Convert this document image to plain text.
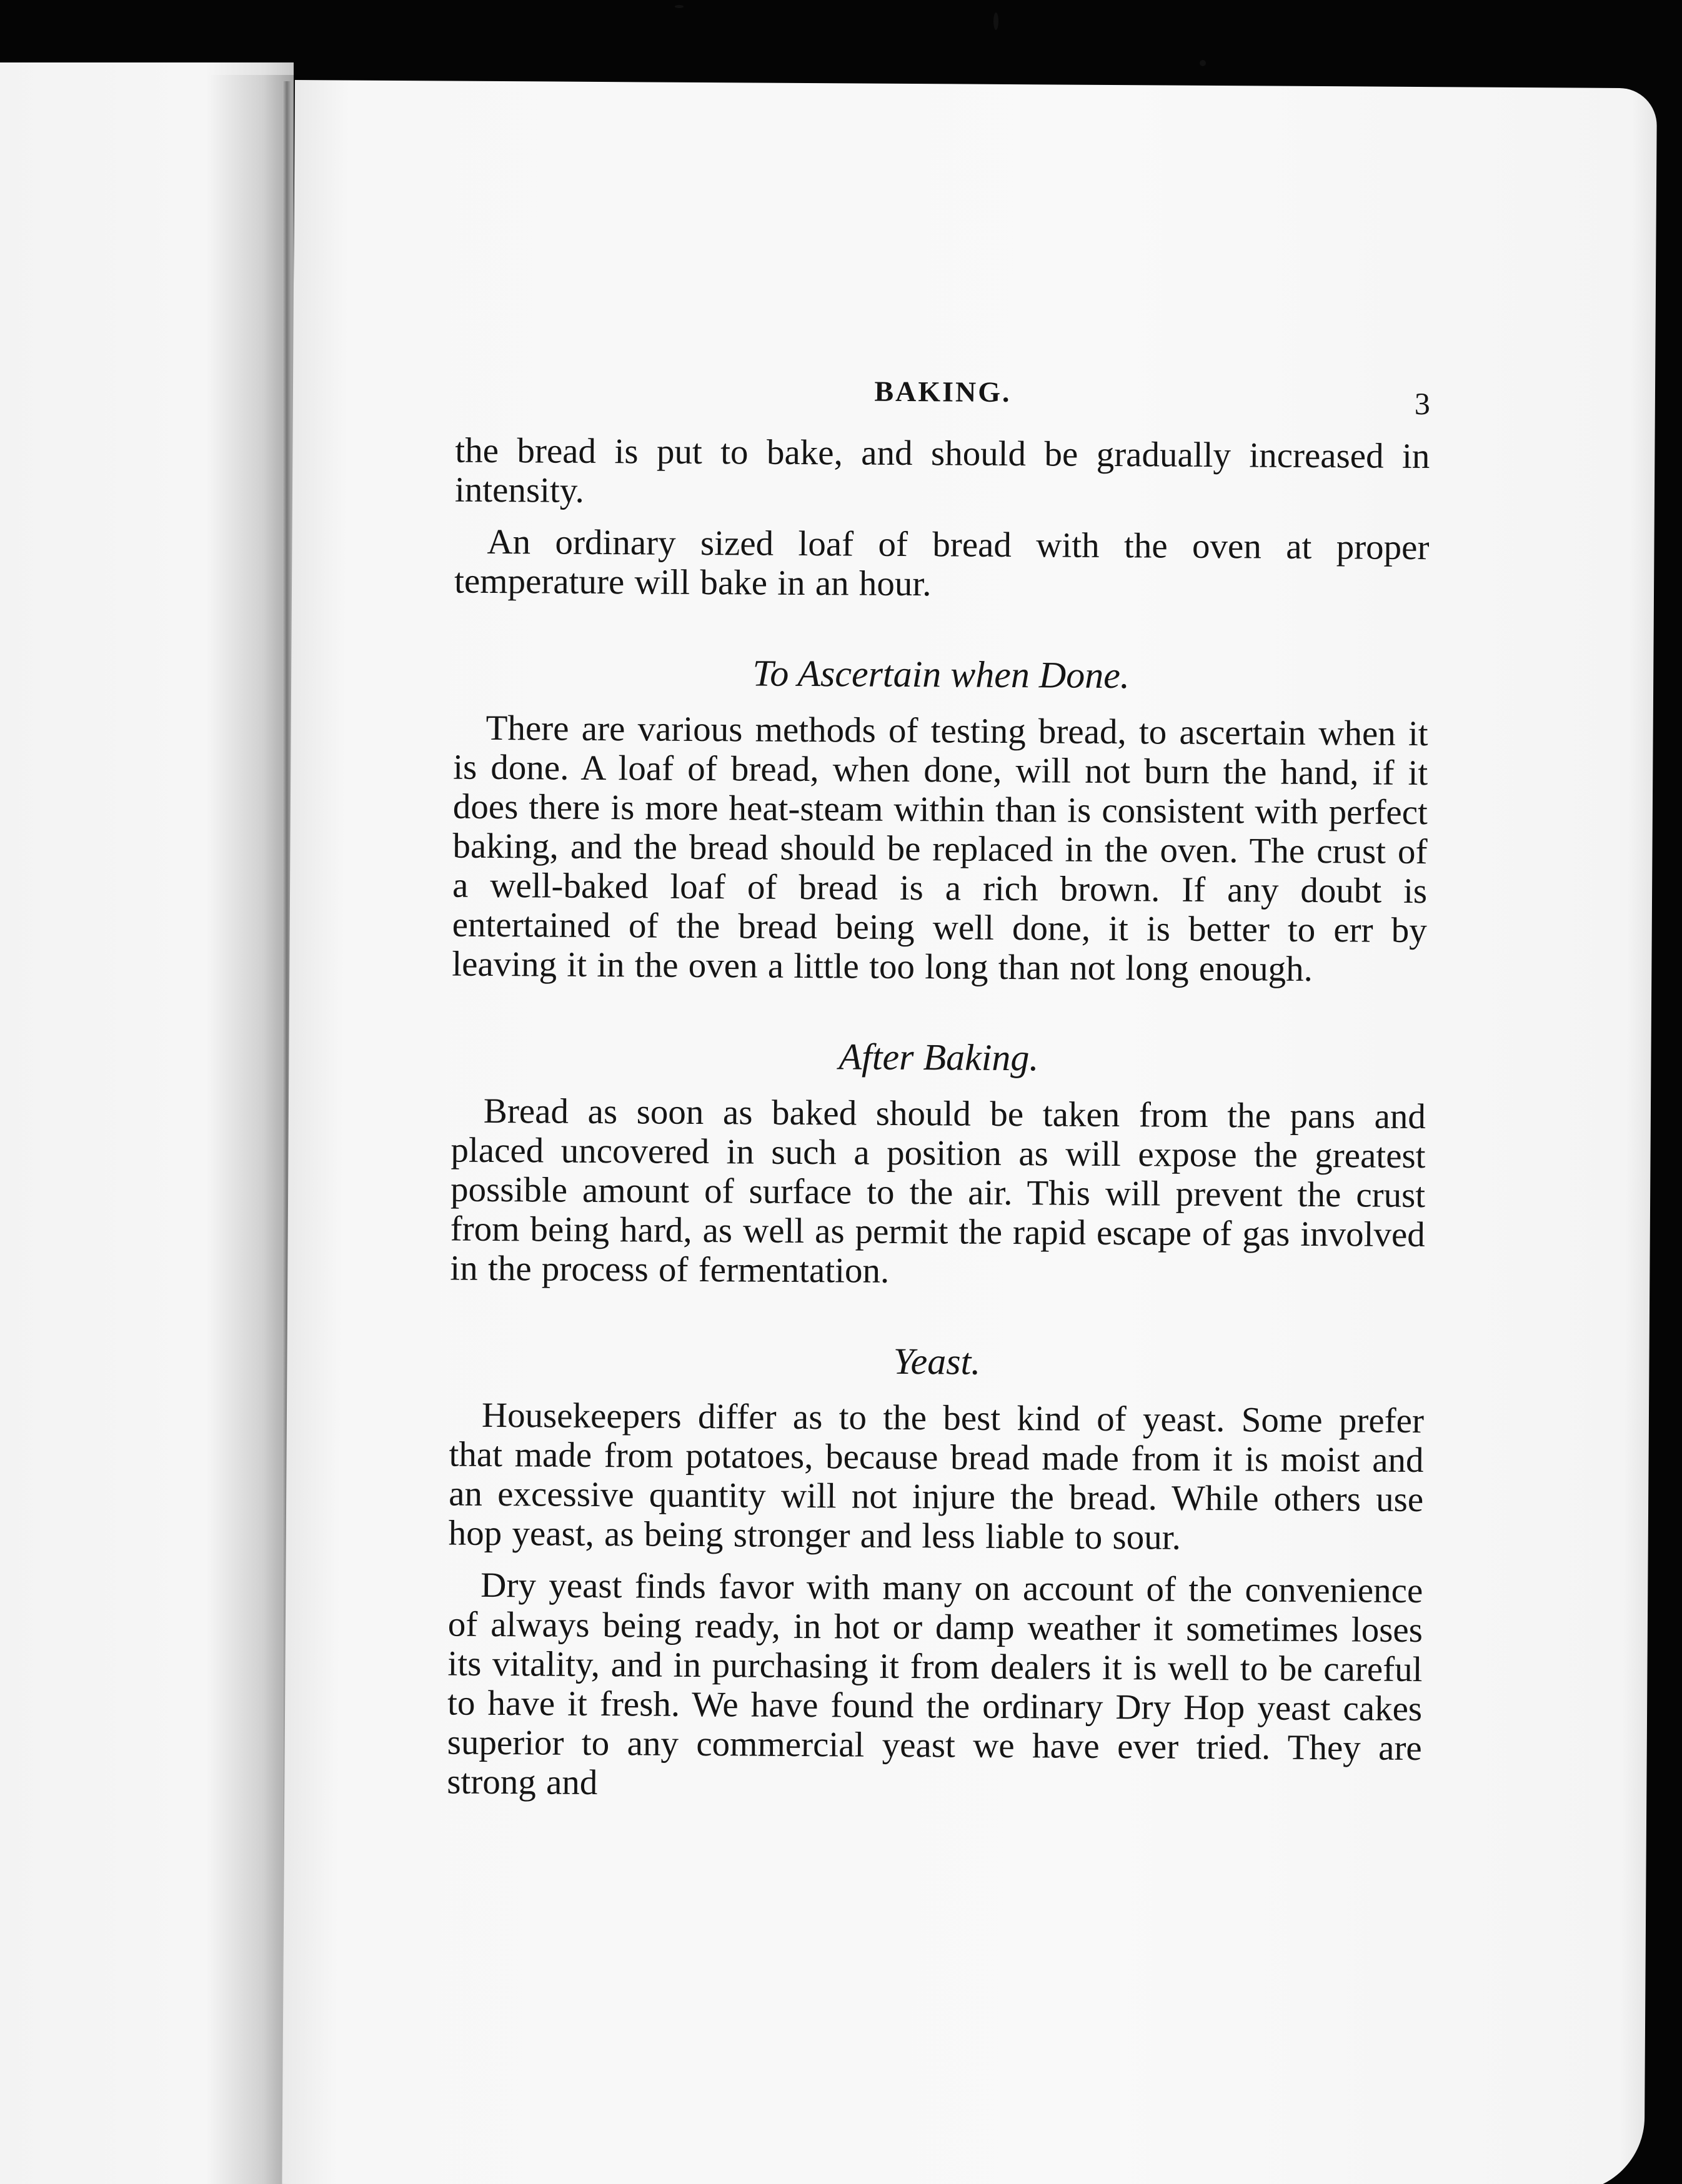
BAKING.	3

the bread is put to bake, and should be gradually increased in intensity.

An ordinary sized loaf of bread with the oven at proper temperature will bake in an hour.

To Ascertain when Done.

There are various methods of testing bread, to ascertain when it is done. A loaf of bread, when done, will not burn the hand, if it does there is more heat-steam within than is consistent with perfect baking, and the bread should be replaced in the oven. The crust of a well-baked loaf of bread is a rich brown. If any doubt is entertained of the bread being well done, it is better to err by leaving it in the oven a little too long than not long enough.

After Baking.

Bread as soon as baked should be taken from the pans and placed uncovered in such a position as will expose the greatest possible amount of surface to the air. This will prevent the crust from being hard, as well as permit the rapid escape of gas involved in the process of fermentation.

Yeast.

Housekeepers differ as to the best kind of yeast. Some prefer that made from potatoes, because bread made from it is moist and an excessive quantity will not injure the bread. While others use hop yeast, as being stronger and less liable to sour.

Dry yeast finds favor with many on account of the convenience of always being ready, in hot or damp weather it sometimes loses its vitality, and in purchasing it from dealers it is well to be careful to have it fresh. We have found the ordinary Dry Hop yeast cakes superior to any commercial yeast we have ever tried. They are strong and
